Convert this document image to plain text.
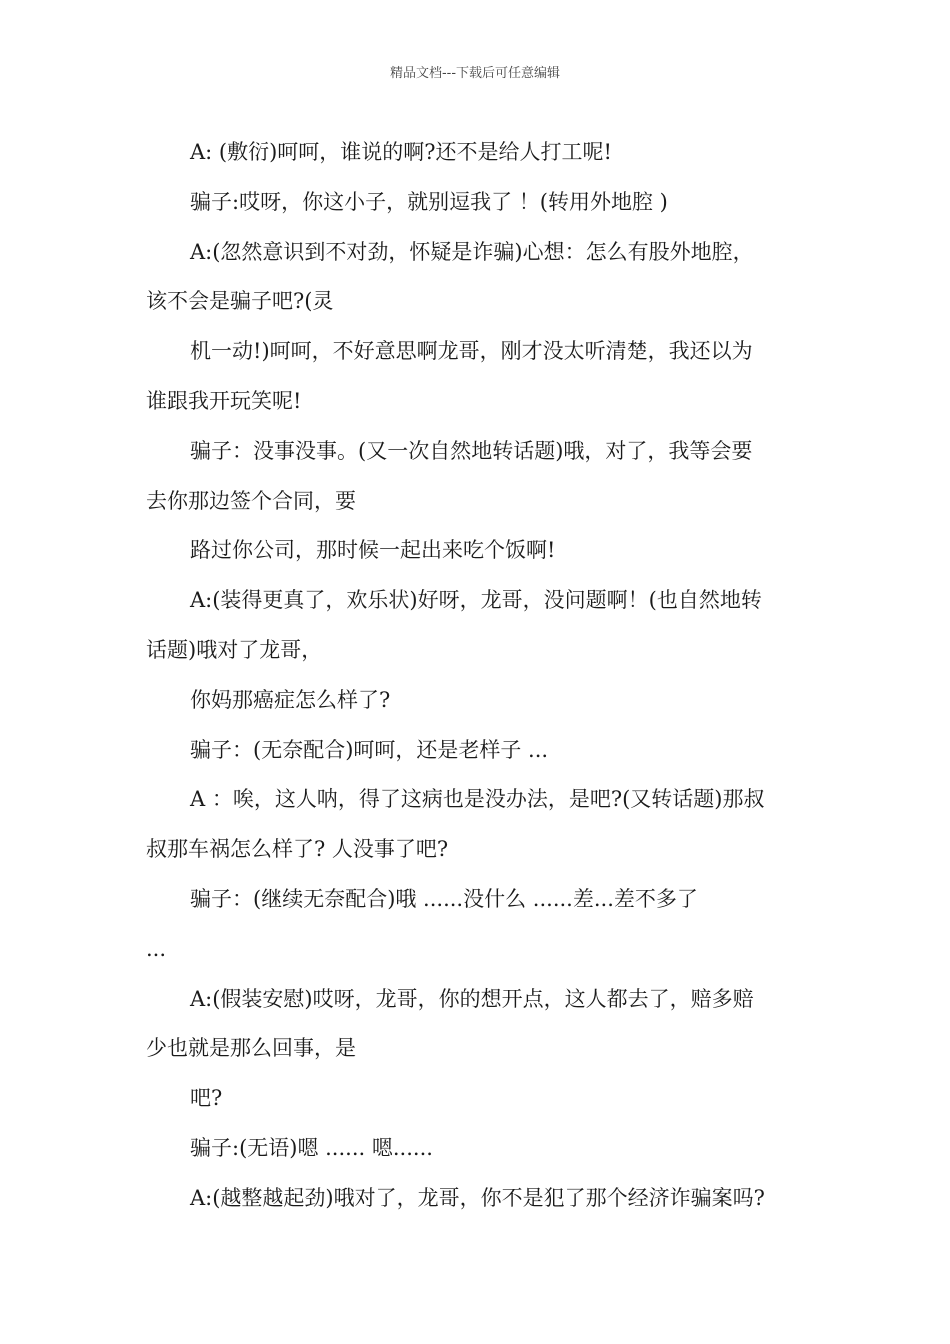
精品文档---下载后可任意编辑
A: (敷衍)呵呵，谁说的啊?还不是给人打工呢!
骗子:哎呀，你这小子，就别逗我了 ！(转用外地腔 )
A:(忽然意识到不对劲，怀疑是诈骗)心想：怎么有股外地腔，
该不会是骗子吧?(灵
机一动!)呵呵，不好意思啊龙哥，刚才没太听清楚，我还以为
谁跟我开玩笑呢!
骗子：没事没事。(又一次自然地转话题)哦，对了，我等会要
去你那边签个合同，要
路过你公司，那时候一起出来吃个饭啊!
A:(装得更真了，欢乐状)好呀，龙哥，没问题啊！(也自然地转
话题)哦对了龙哥，
你妈那癌症怎么样了?
骗子：(无奈配合)呵呵，还是老样子 ...
A ：唉，这人呐，得了这病也是没办法，是吧?(又转话题)那叔
叔那车祸怎么样了? 人没事了吧?
骗子：(继续无奈配合)哦 ......没什么 ......差...差不多了
...
A:(假装安慰)哎呀，龙哥，你的想开点，这人都去了，赔多赔
少也就是那么回事，是
吧?
骗子:(无语)嗯 ...... 嗯......
A:(越整越起劲)哦对了，龙哥，你不是犯了那个经济诈骗案吗?
